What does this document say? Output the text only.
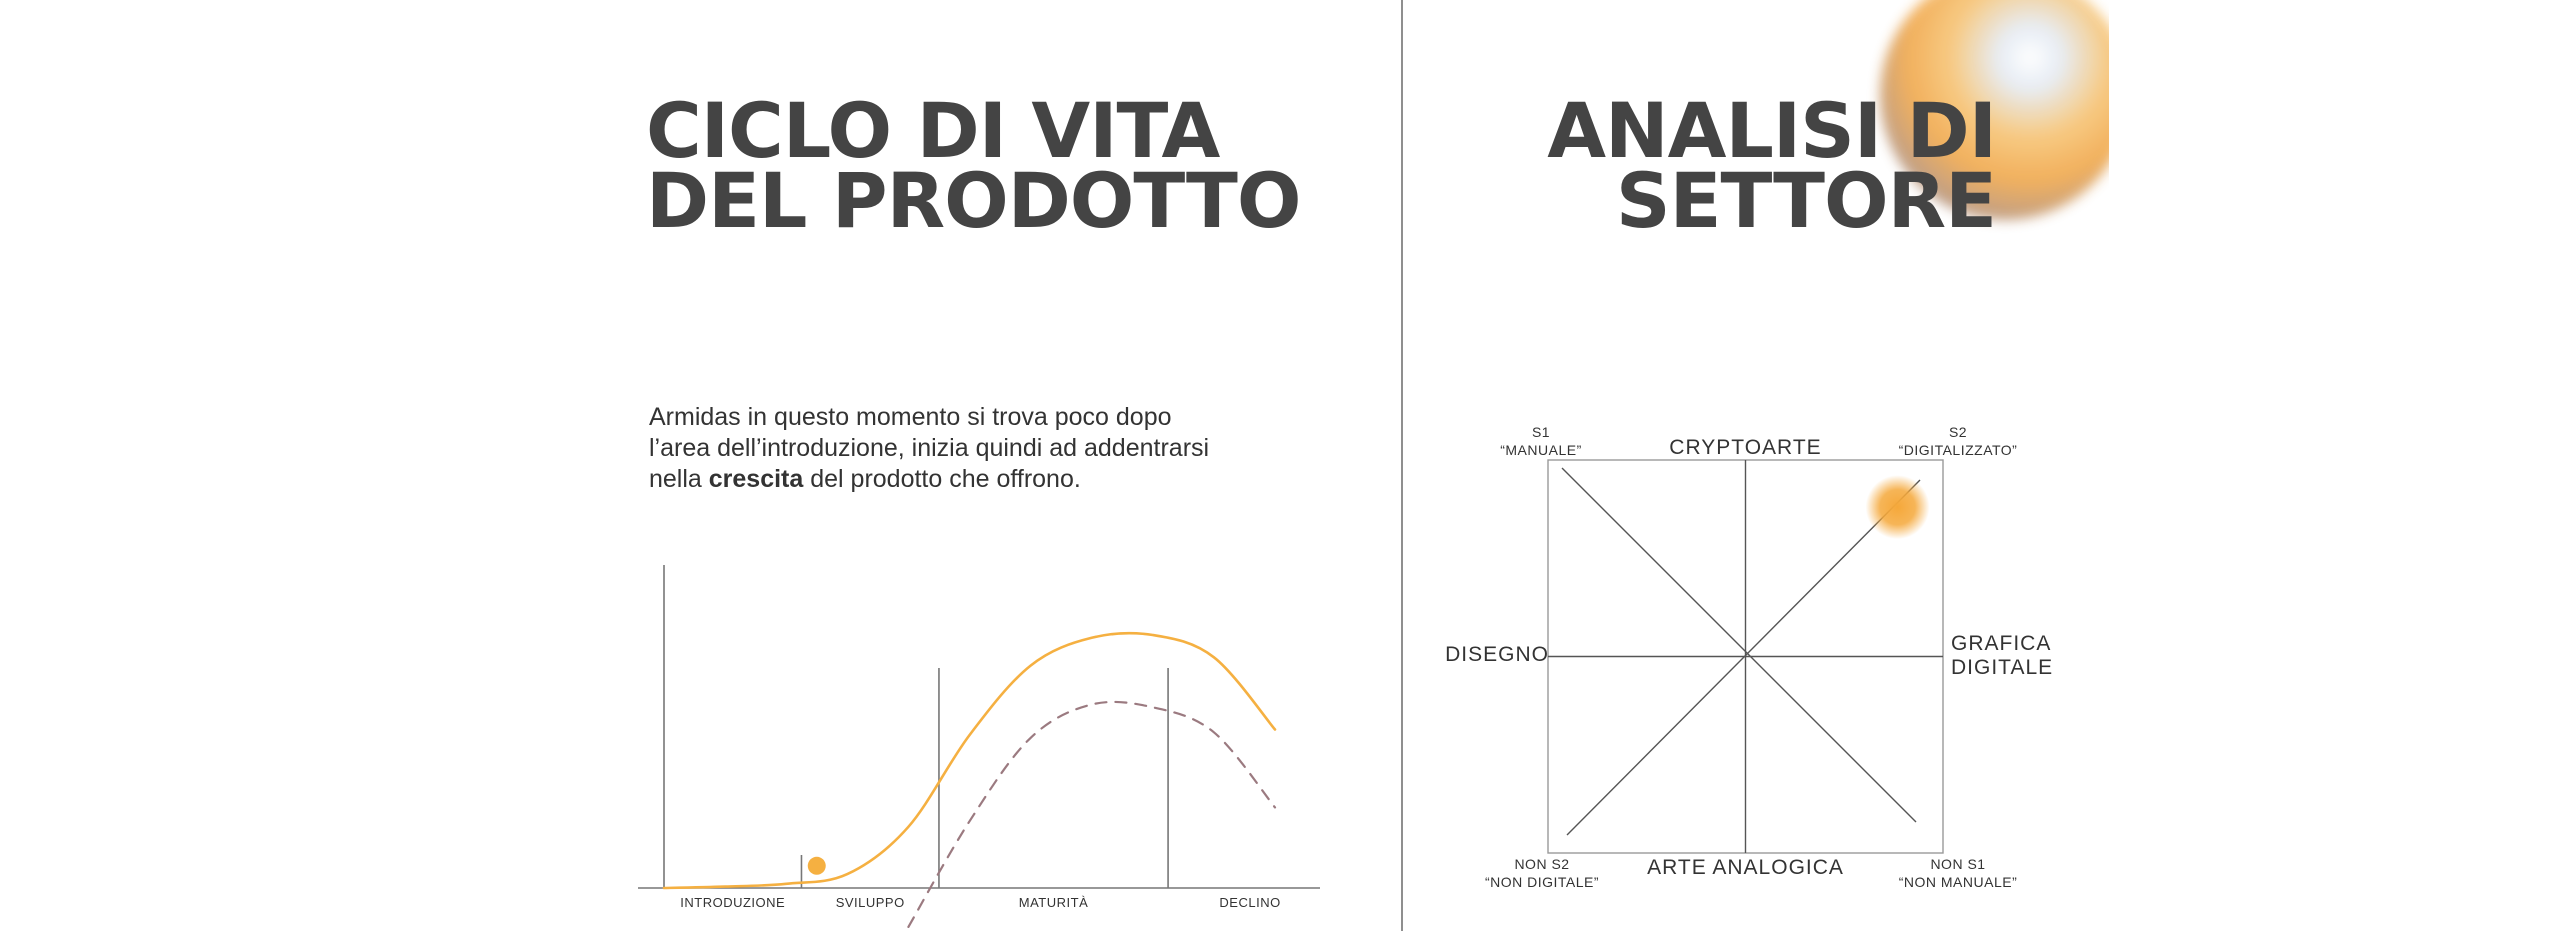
CICLO DI VITA
DEL PRODOTTO
ANALISI DI
SETTORE
Armidas in questo momento si trova poco dopo
l’area dell’introduzione, inizia quindi ad addentrarsi
nella crescita del prodotto che offrono.
INTRODUZIONE	SVILUPPO	MATURITÀ	DECLINO
CRYPTOARTE
ARTE ANALOGICA
DISEGNO	GRAFICA
DIGITALE
S1
“MANUALE”
S2
“DIGITALIZZATO”
NON S2
“NON DIGITALE”
NON S1
“NON MANUALE”
